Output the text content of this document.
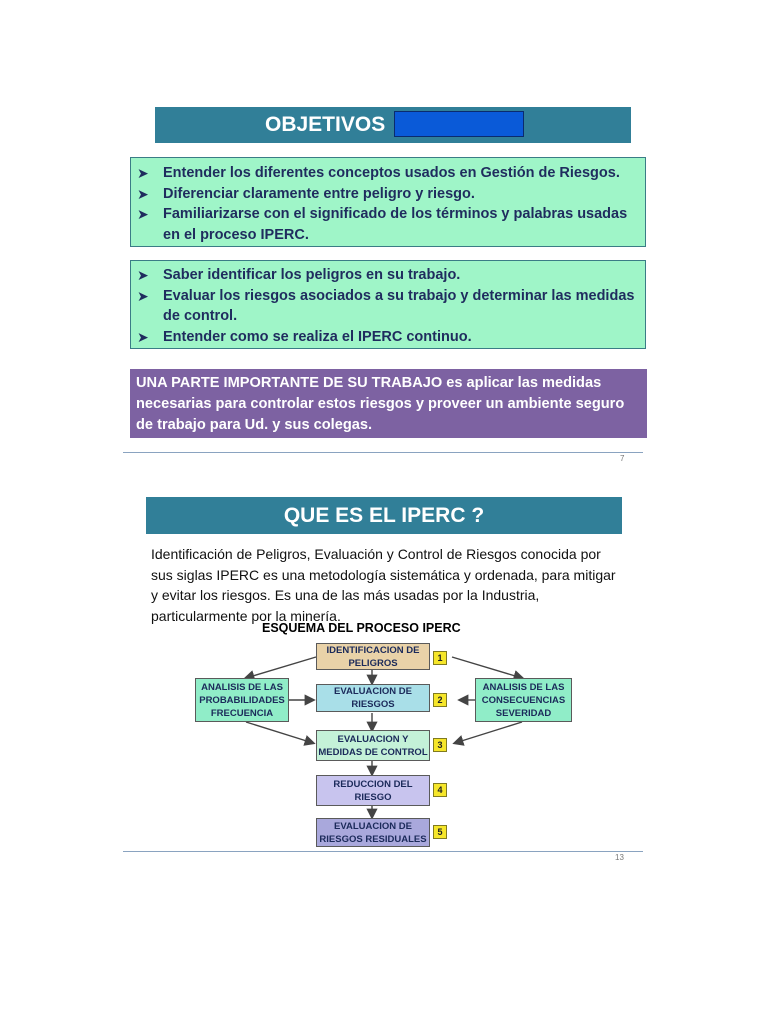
OBJETIVOS
➤ Entender los diferentes conceptos usados en Gestión de Riesgos.
➤ Diferenciar claramente entre peligro y riesgo.
➤ Familiarizarse con el significado de los términos y palabras usadas en el proceso IPERC.
➤ Saber identificar los peligros en su trabajo.
➤ Evaluar los riesgos asociados a su trabajo y determinar las medidas de control.
➤ Entender como se realiza el IPERC continuo.
UNA PARTE IMPORTANTE DE SU TRABAJO es aplicar las medidas necesarias para controlar estos riesgos y proveer un ambiente seguro de trabajo para Ud. y sus colegas.
7
QUE ES EL IPERC ?
Identificación de Peligros, Evaluación y Control de Riesgos conocida por sus siglas IPERC es una metodología sistemática y ordenada, para mitigar y evitar los riesgos. Es una de las más usadas por la Industria, particularmente por la minería.
ESQUEMA DEL PROCESO IPERC
ANALISIS DE LAS PROBABILIDADES FRECUENCIA
ANALISIS DE LAS CONSECUENCIAS SEVERIDAD
IDENTIFICACION DE PELIGROS	1
EVALUACION DE RIESGOS	2
EVALUACION Y MEDIDAS DE CONTROL
3
REDUCCION DEL RIESGO
4
EVALUACION DE RIESGOS RESIDUALES
5
13
